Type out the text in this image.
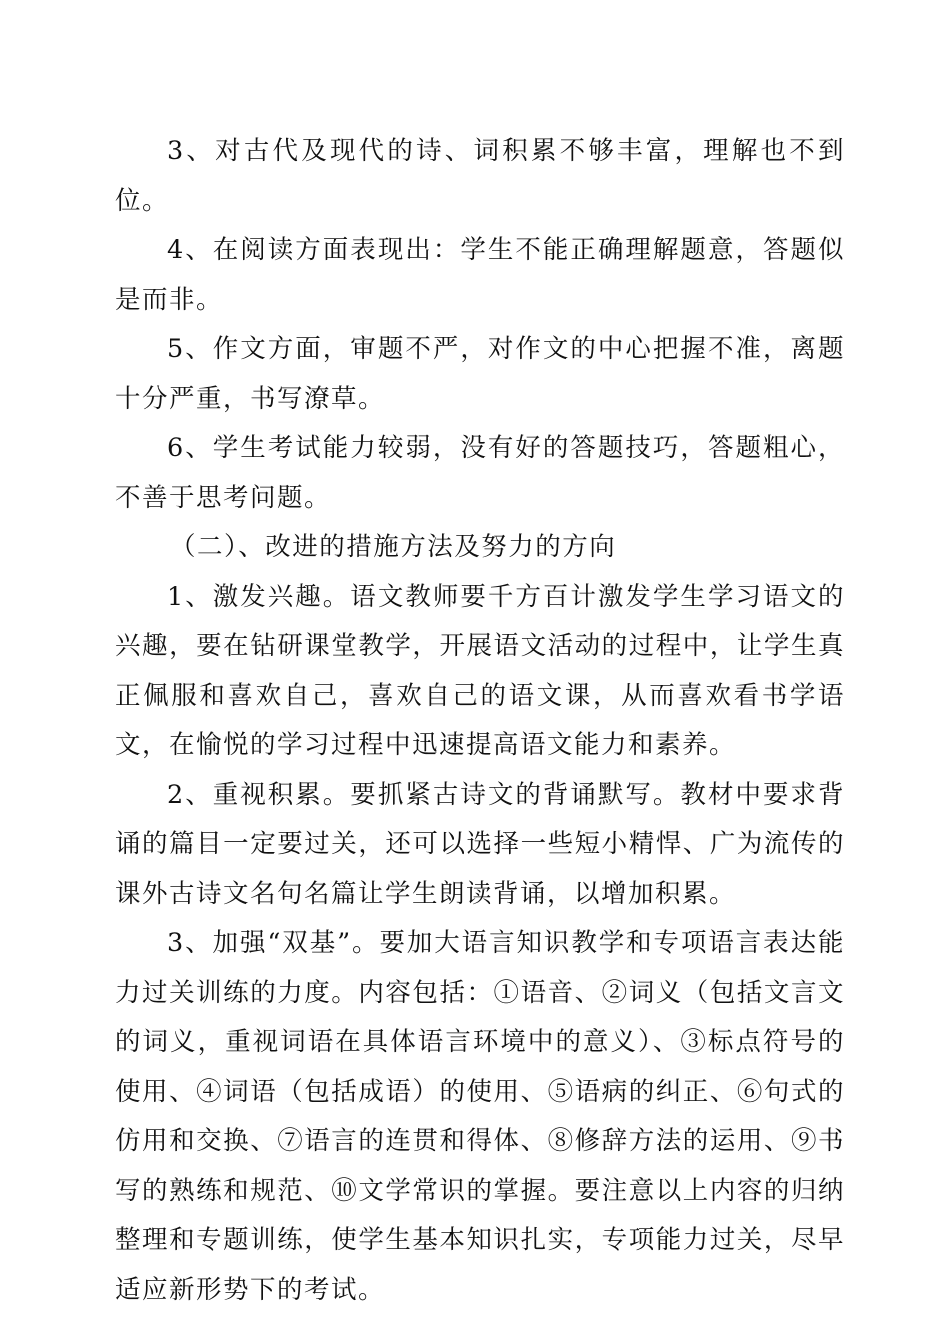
3、对古代及现代的诗、词积累不够丰富，理解也不到位。

4、在阅读方面表现出：学生不能正确理解题意，答题似是而非。

5、作文方面，审题不严，对作文的中心把握不准，离题十分严重，书写潦草。

6、学生考试能力较弱，没有好的答题技巧，答题粗心，不善于思考问题。

（二）、改进的措施方法及努力的方向

1、激发兴趣。语文教师要千方百计激发学生学习语文的兴趣，要在钻研课堂教学，开展语文活动的过程中，让学生真正佩服和喜欢自己，喜欢自己的语文课，从而喜欢看书学语文，在愉悦的学习过程中迅速提高语文能力和素养。

2、重视积累。要抓紧古诗文的背诵默写。教材中要求背诵的篇目一定要过关，还可以选择一些短小精悍、广为流传的课外古诗文名句名篇让学生朗读背诵，以增加积累。

3、加强“双基”。要加大语言知识教学和专项语言表达能力过关训练的力度。内容包括：①语音、②词义（包括文言文的词义，重视词语在具体语言环境中的意义）、③标点符号的使用、④词语（包括成语）的使用、⑤语病的纠正、⑥句式的仿用和交换、⑦语言的连贯和得体、⑧修辞方法的运用、⑨书写的熟练和规范、⑩文学常识的掌握。要注意以上内容的归纳整理和专题训练，使学生基本知识扎实，专项能力过关，尽早适应新形势下的考试。
